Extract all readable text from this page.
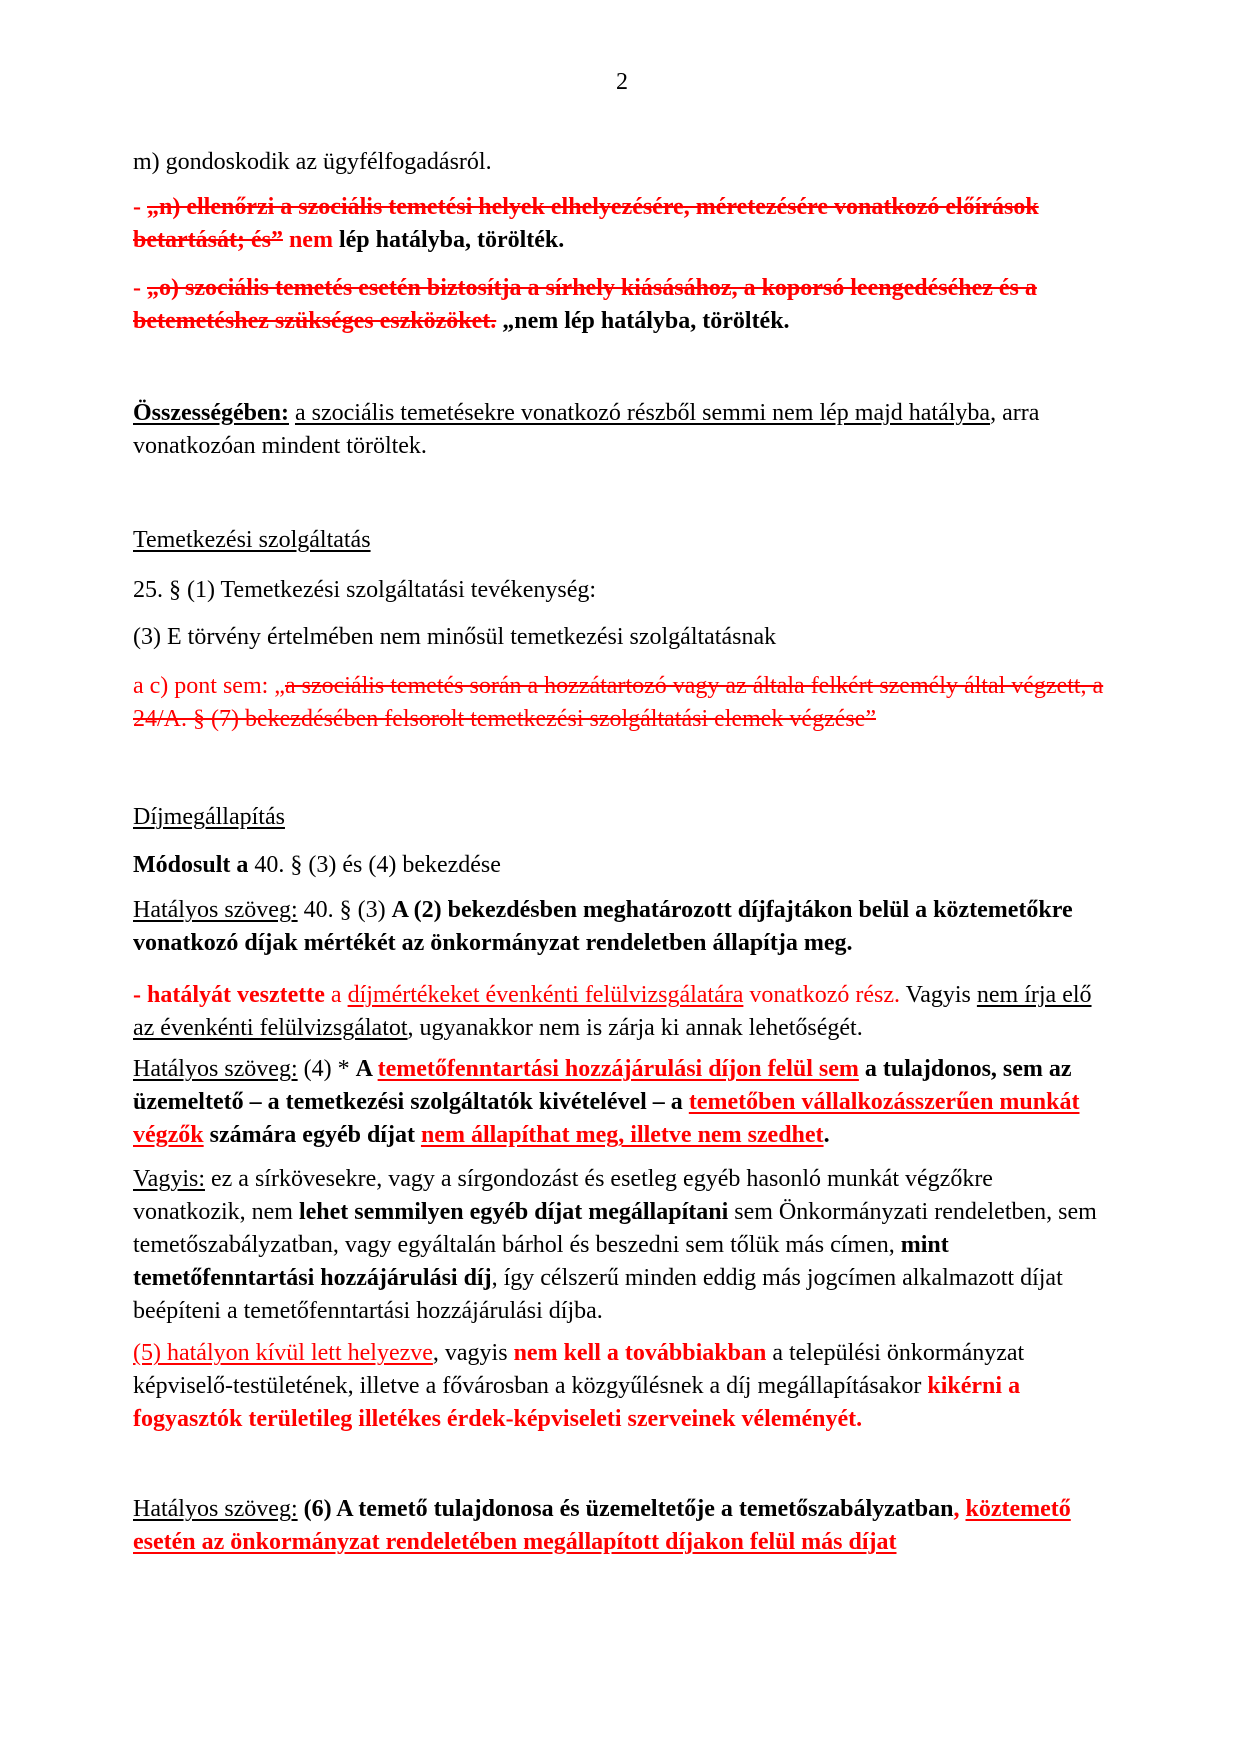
2

m) gondoskodik az ügyfélfogadásról.

- „n) ellenőrzi a szociális temetési helyek elhelyezésére, méretezésére vonatkozó előírások betartását; és” nem lép hatályba, törölték.

- „o) szociális temetés esetén biztosítja a sírhely kiásásához, a koporsó leengedéséhez és a betemetéshez szükséges eszközöket. „nem lép hatályba, törölték.

Összességében: a szociális temetésekre vonatkozó részből semmi nem lép majd hatályba, arra vonatkozóan mindent töröltek.

Temetkezési szolgáltatás

25. § (1) Temetkezési szolgáltatási tevékenység:

(3) E törvény értelmében nem minősül temetkezési szolgáltatásnak

a c) pont sem: „a szociális temetés során a hozzátartozó vagy az általa felkért személy által végzett, a 24/A. § (7) bekezdésében felsorolt temetkezési szolgáltatási elemek végzése”

Díjmegállapítás

Módosult a 40. § (3) és (4) bekezdése

Hatályos szöveg: 40. § (3) A (2) bekezdésben meghatározott díjfajtákon belül a köztemetőkre vonatkozó díjak mértékét az önkormányzat rendeletben állapítja meg.

- hatályát vesztette a díjmértékeket évenkénti felülvizsgálatára vonatkozó rész. Vagyis nem írja elő az évenkénti felülvizsgálatot, ugyanakkor nem is zárja ki annak lehetőségét.

Hatályos szöveg: (4) * A temetőfenntartási hozzájárulási díjon felül sem a tulajdonos, sem az üzemeltető – a temetkezési szolgáltatók kivételével – a temetőben vállalkozásszerűen munkát végzők számára egyéb díjat nem állapíthat meg, illetve nem szedhet.

Vagyis: ez a sírkövesekre, vagy a sírgondozást és esetleg egyéb hasonló munkát végzőkre vonatkozik, nem lehet semmilyen egyéb díjat megállapítani sem Önkormányzati rendeletben, sem temetőszabályzatban, vagy egyáltalán bárhol és beszedni sem tőlük más címen, mint temetőfenntartási hozzájárulási díj, így célszerű minden eddig más jogcímen alkalmazott díjat beépíteni a temetőfenntartási hozzájárulási díjba.

(5) hatályon kívül lett helyezve, vagyis nem kell a továbbiakban a települési önkormányzat képviselő-testületének, illetve a fővárosban a közgyűlésnek a díj megállapításakor kikérni a fogyasztók területileg illetékes érdek-képviseleti szerveinek véleményét.

Hatályos szöveg: (6) A temető tulajdonosa és üzemeltetője a temetőszabályzatban, köztemető esetén az önkormányzat rendeletében megállapított díjakon felül más díjat
